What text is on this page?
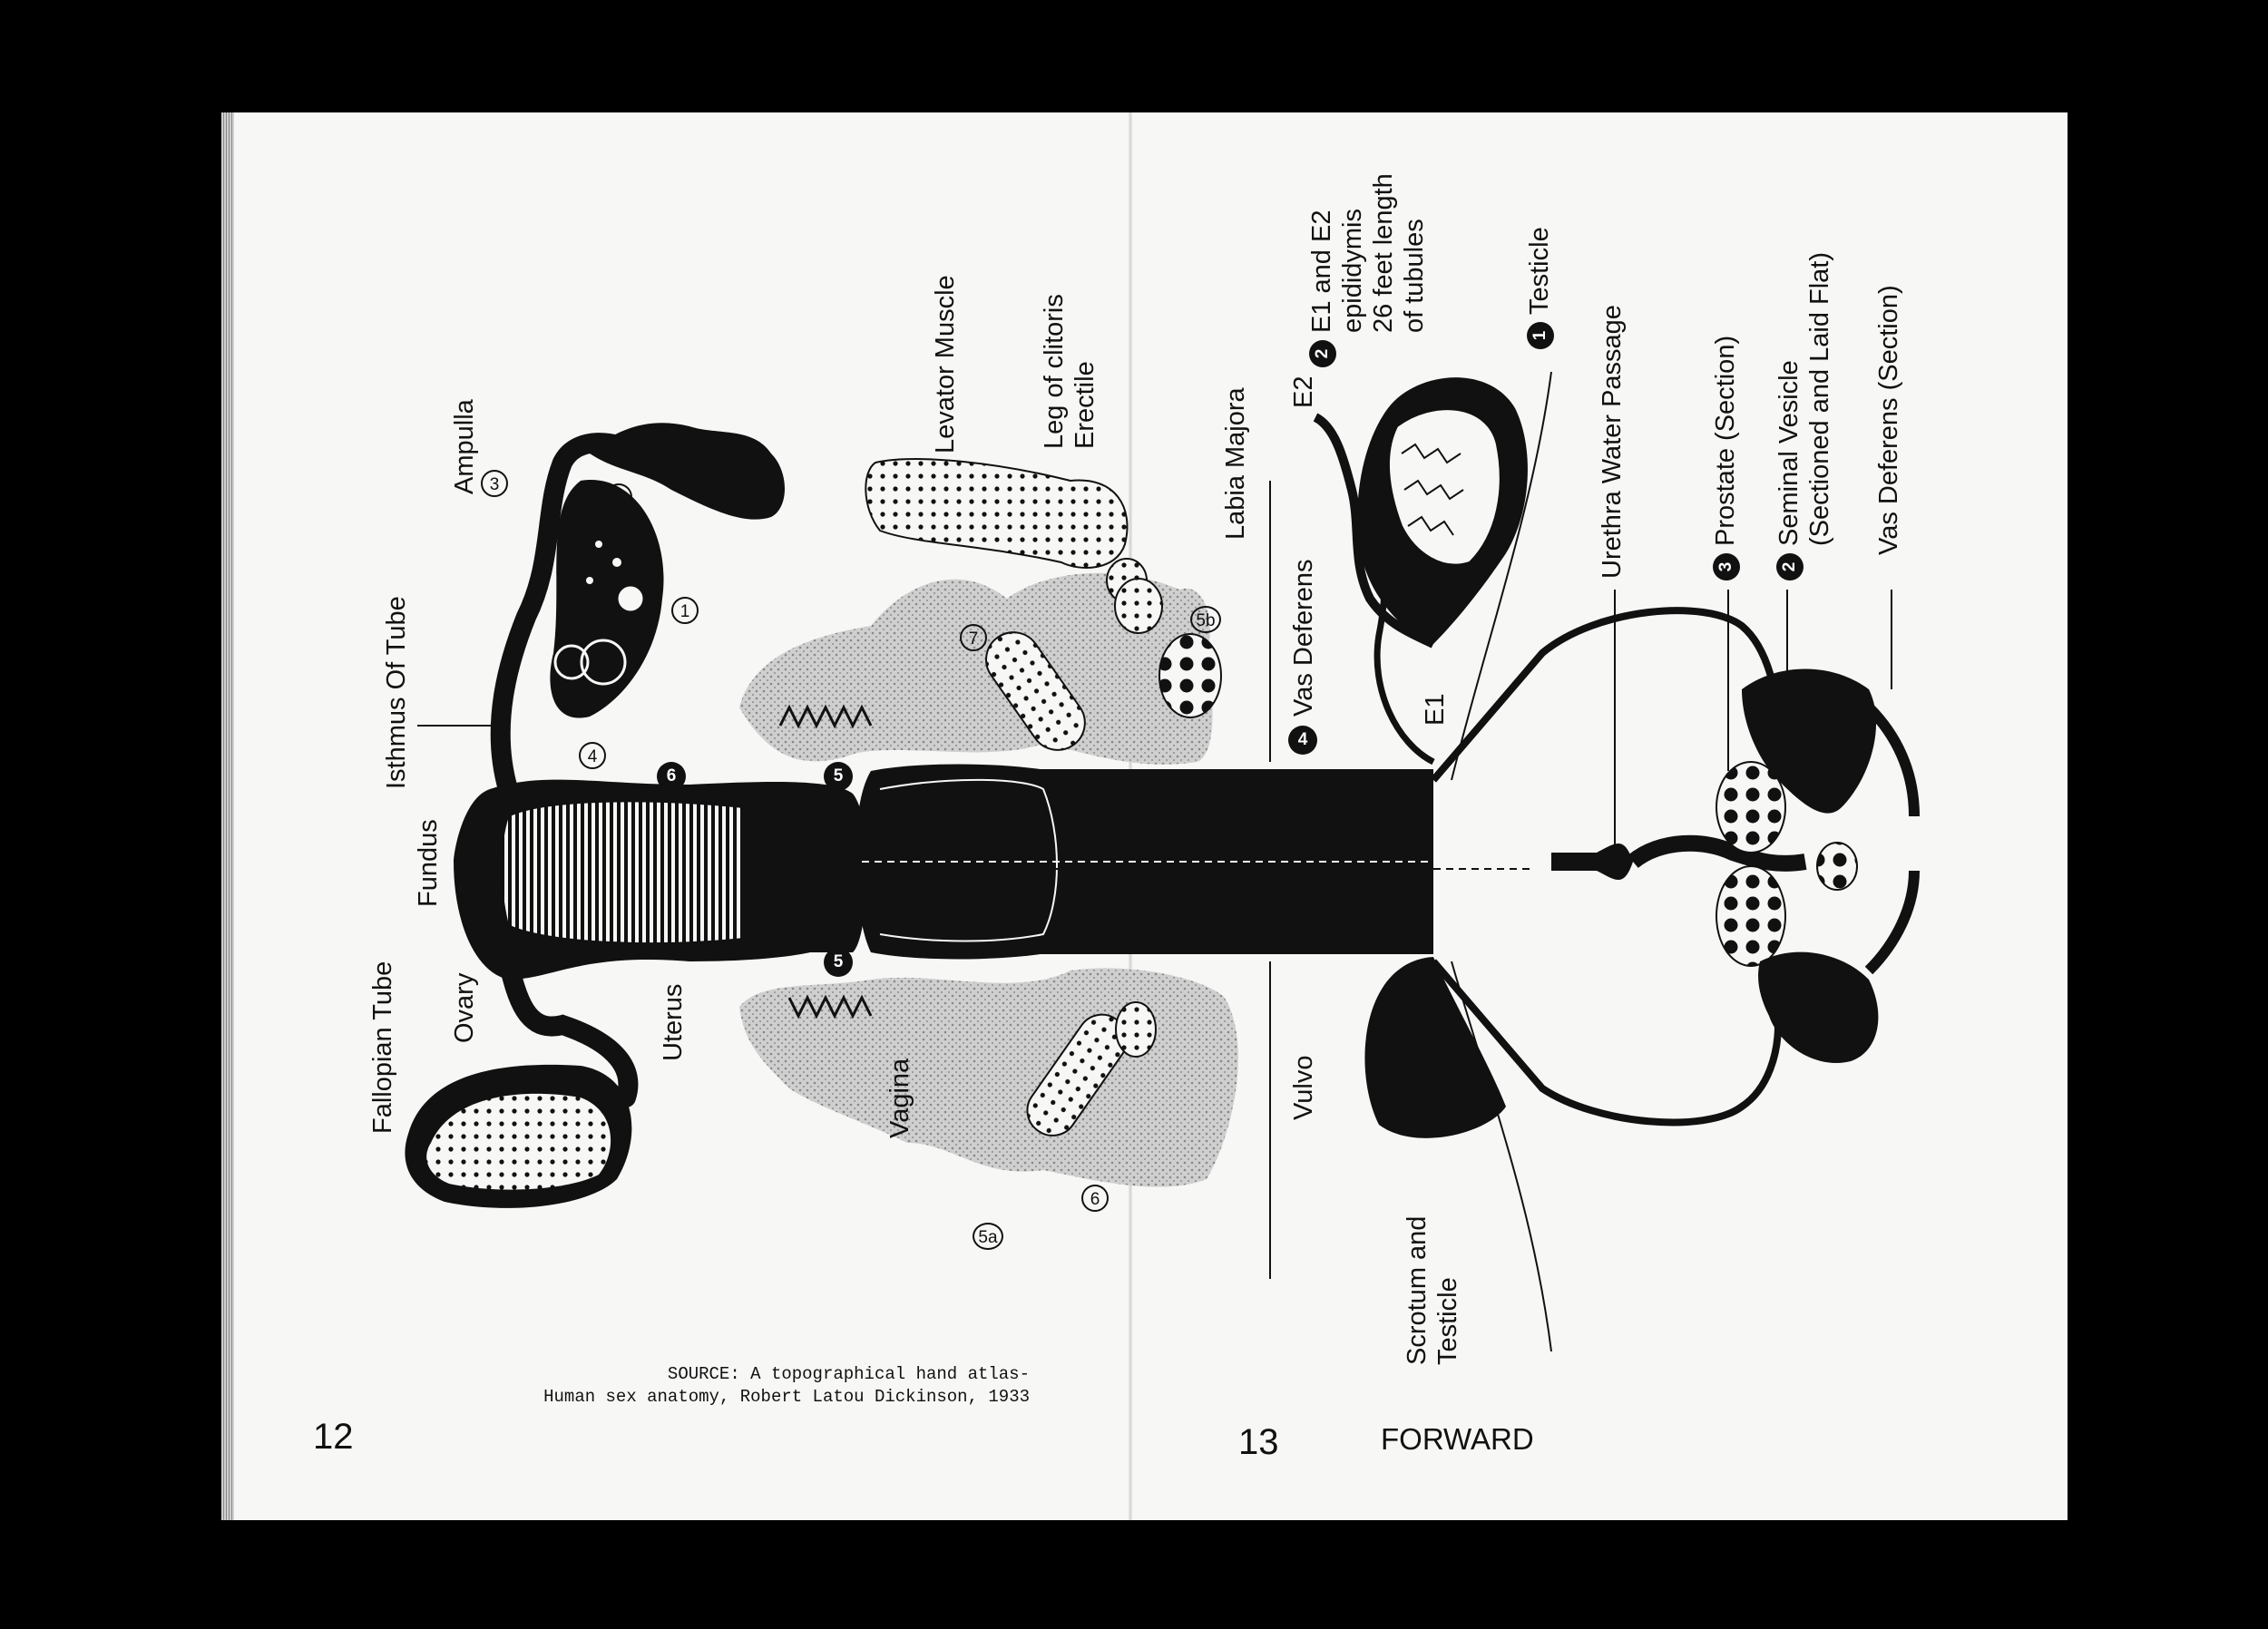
Fallopian Tube Ovary
Fundus
Isthmus Of Tube
Ampulla
Uterus
Vagina
Levator Muscle	Leg of clitoris
Erectile	Labia Majora
Vas Deferens
Vulvo
E2
E1
Scrotum and
Testicle
2E1 and E2
epididymis
26 feet length
of tubules
1Testicle
Urethra Water Passage	3Prostate (Section)
2Seminal Vesicle
(Sectioned and Laid Flat)
Vas Deferens (Section)
3
2
1
4
7
5b
6
5a
6	5
5
4
SOURCE: A topographical hand atlas-
Human sex anatomy, Robert Latou Dickinson, 1933
12	13	FORWARD
